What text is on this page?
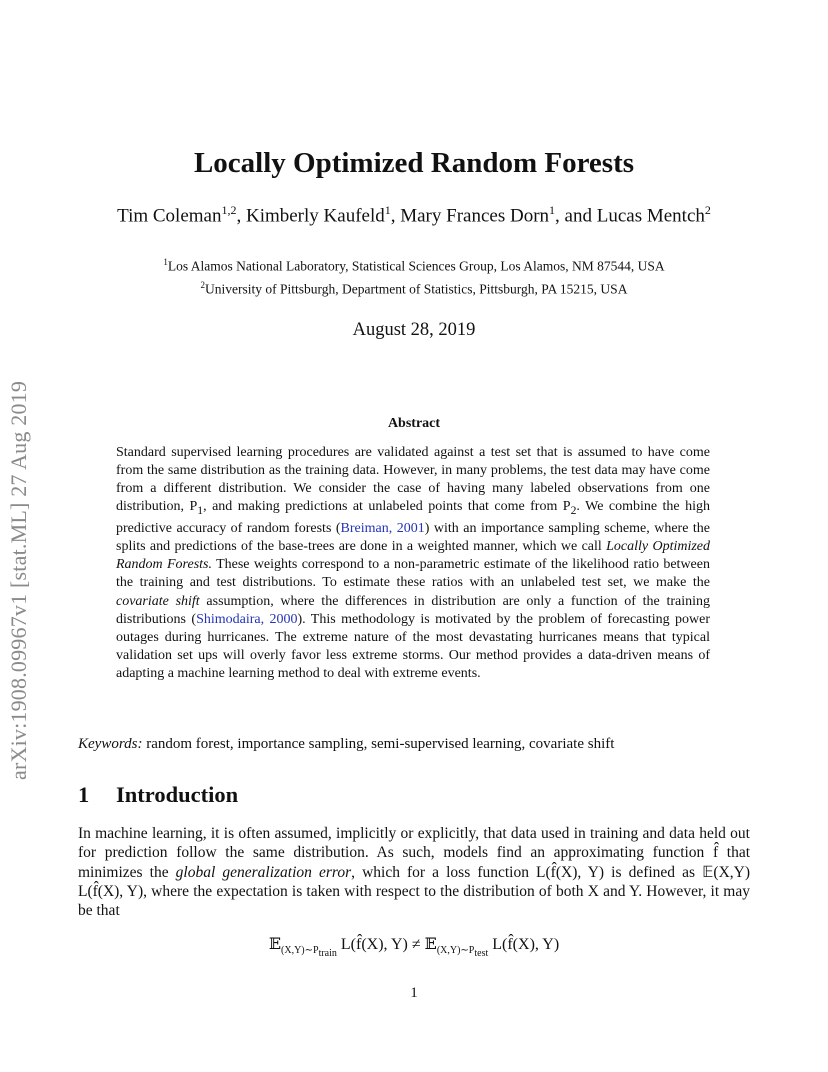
arXiv:1908.09967v1 [stat.ML] 27 Aug 2019
Locally Optimized Random Forests
Tim Coleman$^{1,2}$, Kimberly Kaufeld$^1$, Mary Frances Dorn$^1$, and Lucas Mentch$^2$
$^1$Los Alamos National Laboratory, Statistical Sciences Group, Los Alamos, NM 87544, USA
$^2$University of Pittsburgh, Department of Statistics, Pittsburgh, PA 15215, USA
August 28, 2019
Abstract
Standard supervised learning procedures are validated against a test set that is assumed to have come from the same distribution as the training data. However, in many problems, the test data may have come from a different distribution. We consider the case of having many labeled observations from one distribution, $P_1$, and making predictions at unlabeled points that come from $P_2$. We combine the high predictive accuracy of random forests (Breiman, 2001) with an importance sampling scheme, where the splits and predictions of the base-trees are done in a weighted manner, which we call Locally Optimized Random Forests. These weights correspond to a non-parametric estimate of the likelihood ratio between the training and test distributions. To estimate these ratios with an unlabeled test set, we make the covariate shift assumption, where the differences in distribution are only a function of the training distributions (Shimodaira, 2000). This methodology is motivated by the problem of forecasting power outages during hurricanes. The extreme nature of the most devastating hurricanes means that typical validation set ups will overly favor less extreme storms. Our method provides a data-driven means of adapting a machine learning method to deal with extreme events.
Keywords: random forest, importance sampling, semi-supervised learning, covariate shift
1 Introduction
In machine learning, it is often assumed, implicitly or explicitly, that data used in training and data held out for prediction follow the same distribution. As such, models find an approximating function f̂ that minimizes the global generalization error, which for a loss function L(f̂(X), Y) is defined as 𝔼(X,Y) L(f̂(X), Y), where the expectation is taken with respect to the distribution of both X and Y. However, it may be that
𝔼$_{(X,Y)\sim P_{train}}$ L(f̂(X), Y) ≠ 𝔼$_{(X,Y)\sim P_{test}}$ L(f̂(X), Y)
1
